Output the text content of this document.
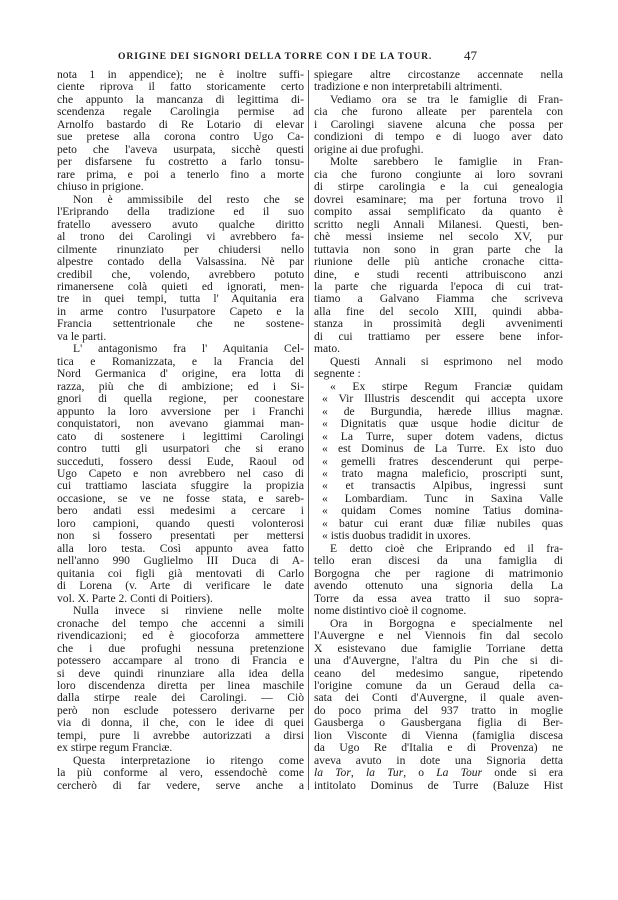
ORIGINE DEI SIGNORI DELLA TORRE CON I DE LA TOUR.	47
nota 1 in appendice); ne è inoltre suffi-
ciente riprova il fatto storicamente certo
che appunto la mancanza di legittima di-
scendenza regale Carolingia permise ad
Arnolfo bastardo di Re Lotario di elevar
sue pretese alla corona contro Ugo Ca-
peto che l'aveva usurpata, sicchè questi
per disfarsene fu costretto a farlo tonsu-
rare prima, e poi a tenerlo fino a morte
chiuso in prigione.
Non è ammissibile del resto che se
l'Eriprando della tradizione ed il suo
fratello avessero avuto qualche diritto
al trono dei Carolingi vi avrebbero fa-
cilmente rinunziato per chiudersi nello
alpestre contado della Valsassina. Nè par
credibil che, volendo, avrebbero potuto
rimanersene colà quieti ed ignorati, men-
tre in quei tempi, tutta l' Aquitania era
in arme contro l'usurpatore Capeto e la
Francia settentrionale che ne sostene-
va le parti.
L' antagonismo fra l' Aquitania Cel-
tica e Romanizzata, e la Francia del
Nord Germanica d' origine, era lotta di
razza, più che di ambizione; ed i Si-
gnori di quella regione, per coonestare
appunto la loro avversione per i Franchi
conquistatori, non avevano giammai man-
cato di sostenere i legittimi Carolingi
contro tutti gli usurpatori che si erano
succeduti, fossero dessi Eude, Raoul od
Ugo Capeto e non avrebbero nel caso di
cui trattiamo lasciata sfuggire la propizia
occasione, se ve ne fosse stata, e sareb-
bero andati essi medesimi a cercare i
loro campioni, quando questi volonterosi
non si fossero presentati per mettersi
alla loro testa. Così appunto avea fatto
nell'anno 990 Guglielmo III Duca di A-
quitania coi figli già mentovati di Carlo
di Lorena (v. Arte di verificare le date
vol. X. Parte 2. Conti di Poitiers).
Nulla invece si rinviene nelle molte
cronache del tempo che accenni a simili
rivendicazioni; ed è giocoforza ammettere
che i due profughi nessuna pretenzione
potessero accampare al trono di Francia e
si deve quindi rinunziare alla idea della
loro discendenza diretta per linea maschile
dalla stirpe reale dei Carolingi. — Ciò
però non esclude potessero derivarne per
via di donna, il che, con le idee di quei
tempi, pure li avrebbe autorizzati a dirsi
ex stirpe regum Franciæ.
Questa interpretazione io ritengo come
la più conforme al vero, essendochè come
cercherò di far vedere, serve anche a
spiegare altre circostanze accennate nella
tradizione e non interpretabili altrimenti.
Vediamo ora se tra le famiglie di Fran-
cia che furono alleate per parentela con
i Carolingi siavene alcuna che possa per
condizioni di tempo e di luogo aver dato
origine ai due profughi.
Molte sarebbero le famiglie in Fran-
cia che furono congiunte ai loro sovrani
di stirpe carolingia e la cui genealogia
dovrei esaminare; ma per fortuna trovo il
compito assai semplificato da quanto è
scritto negli Annali Milanesi. Questi, ben-
chè messi insieme nel secolo XV, pur
tuttavia non sono in gran parte che la
riunione delle più antiche cronache citta-
dine, e studi recenti attribuiscono anzi
la parte che riguarda l'epoca di cui trat-
tiamo a Galvano Fiamma che scriveva
alla fine del secolo XIII, quindi abba-
stanza in prossimità degli avvenimenti
di cui trattiamo per essere bene infor-
mato.
Questi Annali si esprimono nel modo
segnente :
« Ex stirpe Regum Franciæ quidam
« Vir Illustris descendit qui accepta uxore
« de Burgundia, hærede illius magnæ.
« Dignitatis quæ usque hodie dicitur de
« La Turre, super dotem vadens, dictus
« est Dominus de La Turre. Ex isto duo
« gemelli fratres descenderunt qui perpe-
« trato magna maleficio, proscripti sunt,
« et transactis Alpibus, ingressi sunt
« Lombardiam. Tunc in Saxina Valle
« quidam Comes nomine Tatius domina-
« batur cui erant duæ filiæ nubiles quas
« istis duobus tradidit in uxores.
E detto cioè che Eriprando ed il fra-
tello eran discesi da una famiglia di
Borgogna che per ragione di matrimonio
avendo ottenuto una signoria della La
Torre da essa avea tratto il suo sopra-
nome distintivo cioè il cognome.
Ora in Borgogna e specialmente nel
l'Auvergne e nel Viennois fin dal secolo
X esistevano due famiglie Torriane detta
una d'Auvergne, l'altra du Pin che si di-
ceano del medesimo sangue, ripetendo
l'origine comune da un Geraud della ca-
sata dei Conti d'Auvergne, il quale aven-
do poco prima del 937 tratto in moglie
Gausberga o Gausbergana figlia di Ber-
lion Visconte di Vienna (famiglia discesa
da Ugo Re d'Italia e di Provenza) ne
aveva avuto in dote una Signoria detta
la Tor, la Tur, o La Tour onde si era
intitolato Dominus de Turre (Baluze Hist
